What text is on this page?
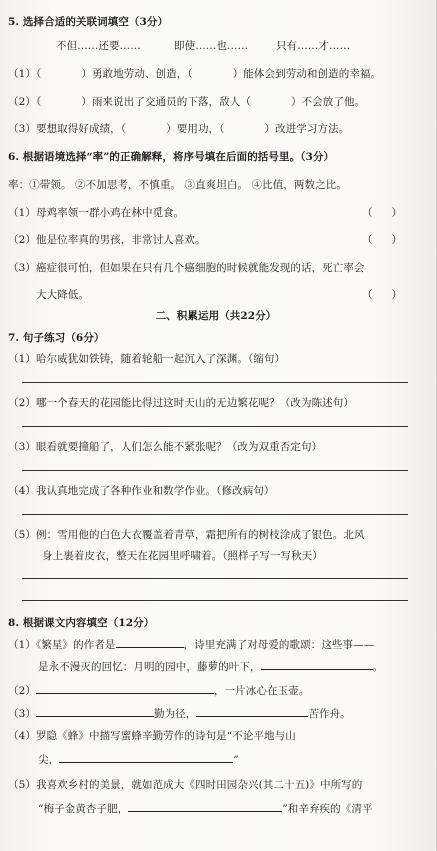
5. 选择合适的关联词填空（3分）
不但……还要……	即使……也……	只有……才……
（1）（	）勇敢地劳动、创造，（	）能体会到劳动和创造的幸福。
（2）（	）雨来说出了交通员的下落，敌人（	）不会放了他。
（3）要想取得好成绩，（	）要用功，（	）改进学习方法。
6. 根据语境选择“率”的正确解释，将序号填在后面的括号里。（3分）
率：①带领。 ②不加思考，不慎重。 ③直爽坦白。 ④比值，两数之比。
（1）母鸡率领一群小鸡在林中觅食。	（ ）
（2）他是位率真的男孩，非常讨人喜欢。	（ ）
（3）癌症很可怕，但如果在只有几个癌细胞的时候就能发现的话，死亡率会
大大降低。	（ ）
二、积累运用（共22分）
7. 句子练习（6分）
（1）哈尔威犹如铁铸，随着轮船一起沉入了深渊。（缩句）
（2）哪一个春天的花园能比得过这时天山的无边繁花呢？（改为陈述句）
（3）眼看就要撞船了，人们怎么能不紧张呢？（改为双重否定句）
（4）我认真地完成了各种作业和数学作业。（修改病句）
（5）例：雪用他的白色大衣覆盖着青草，霜把所有的树枝涂成了银色。北风
身上裹着皮衣，整天在花园里呼啸着。（照样子写一写秋天）
8. 根据课文内容填空（12分）
（1）《繁星》的作者是	，诗里充满了对母爱的歌颂：这些事——
是永不漫灭的回忆：月明的园中，藤萝的叶下，	。
（2）	，一片冰心在玉壶。
（3）	勤为径，	苦作舟。
（4）罗隐《蜂》中描写蜜蜂辛勤劳作的诗句是“不论平地与山
尖，	”
（5）我喜欢乡村的美景，就如范成大《四时田园杂兴(其二十五)》中所写的
“梅子金黄杏子肥，	”和辛弃疾的《清平
